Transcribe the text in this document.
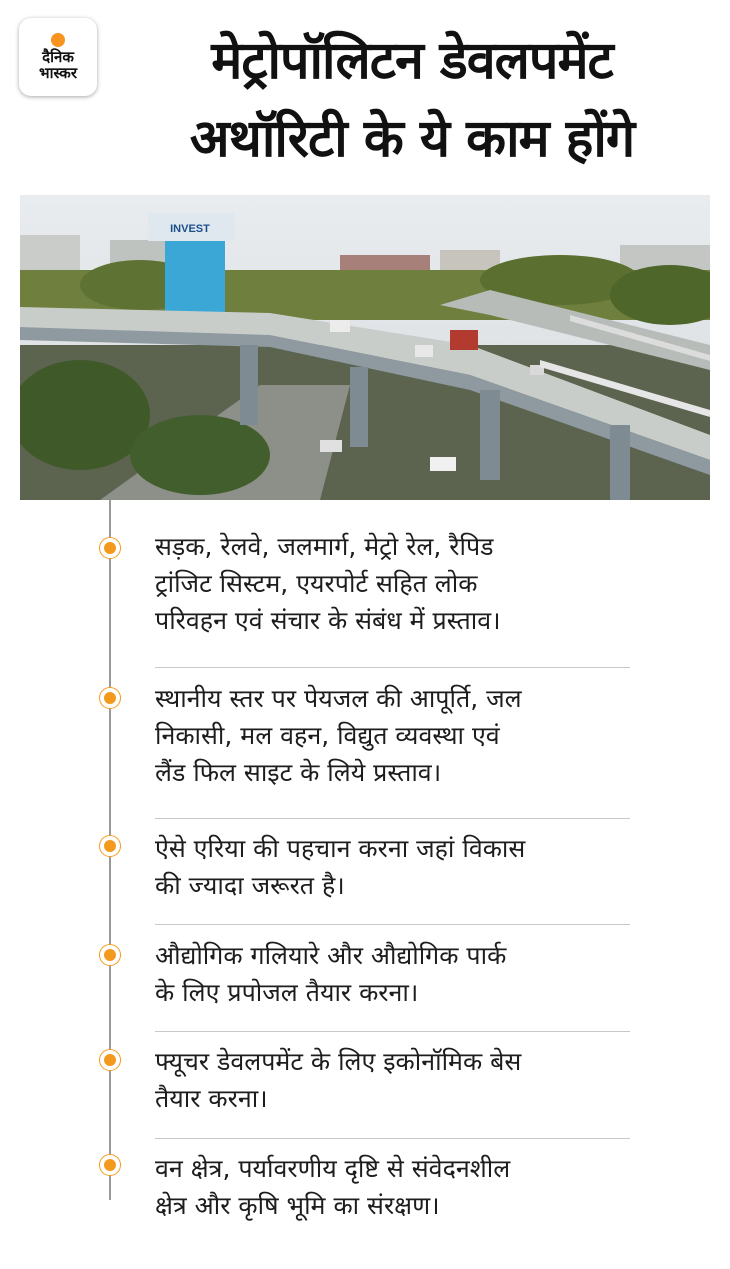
दैनिक
भास्कर	मेट्रोपॉलिटन डेवलपमेंट
अथॉरिटी के ये काम होंगे
INVEST
सड़क, रेलवे, जलमार्ग, मेट्रो रेल, रैपिड
ट्रांजिट सिस्टम, एयरपोर्ट सहित लोक
परिवहन एवं संचार के संबंध में प्रस्ताव।
स्थानीय स्तर पर पेयजल की आपूर्ति, जल
निकासी, मल वहन, विद्युत व्यवस्था एवं
लैंड फिल साइट के लिये प्रस्ताव।
ऐसे एरिया की पहचान करना जहां विकास
की ज्यादा जरूरत है।
औद्योगिक गलियारे और औद्योगिक पार्क
के लिए प्रपोजल तैयार करना।
फ्यूचर डेवलपमेंट के लिए इकोनॉमिक बेस
तैयार करना।
वन क्षेत्र, पर्यावरणीय दृष्टि से संवेदनशील
क्षेत्र और कृषि भूमि का संरक्षण।
